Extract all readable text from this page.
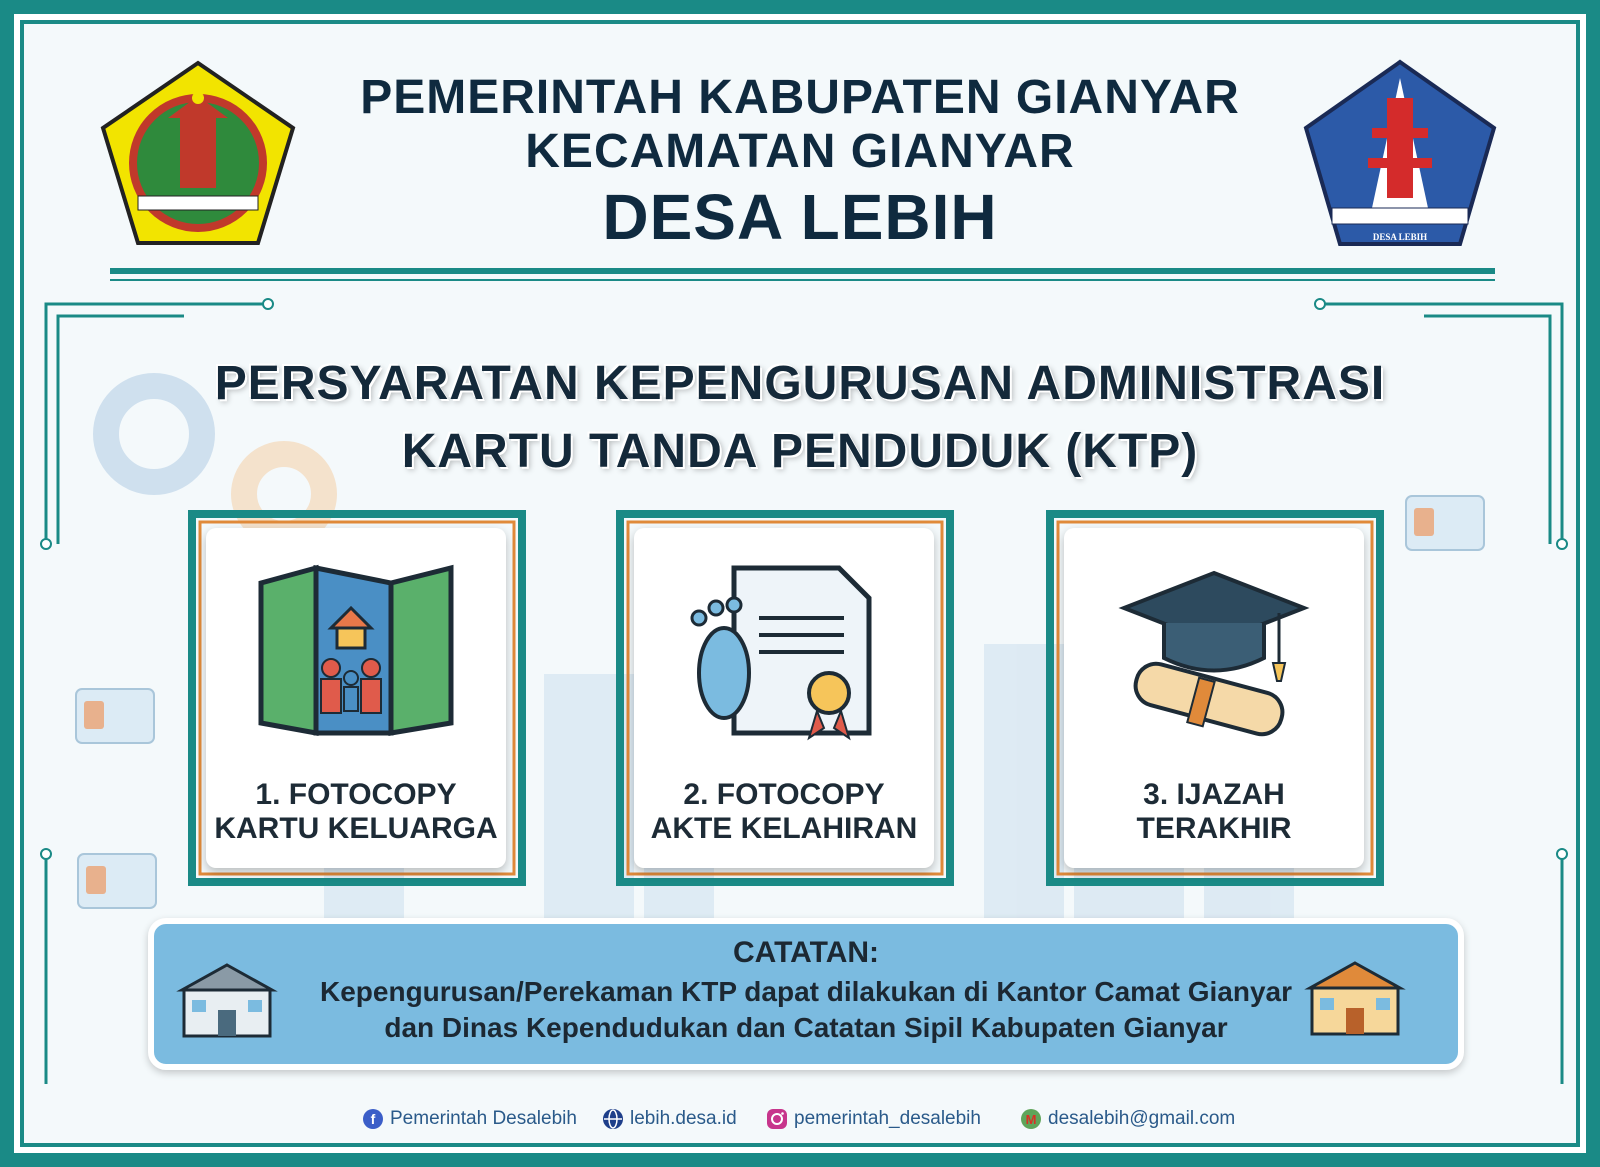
DESA LEBIH
PEMERINTAH KABUPATEN GIANYAR
KECAMATAN GIANYAR
DESA LEBIH
PERSYARATAN KEPENGURUSAN ADMINISTRASI
KARTU TANDA PENDUDUK (KTP)
1. FOTOCOPY
KARTU KELUARGA
2. FOTOCOPY
AKTE KELAHIRAN
3. IJAZAH
TERAKHIR
CATATAN:
Kepengurusan/Perekaman KTP dapat dilakukan di Kantor Camat Gianyar
dan Dinas Kependudukan dan Catatan Sipil Kabupaten Gianyar
f Pemerintah Desalebih	lebih.desa.id	pemerintah_desalebih	M desalebih@gmail.com
